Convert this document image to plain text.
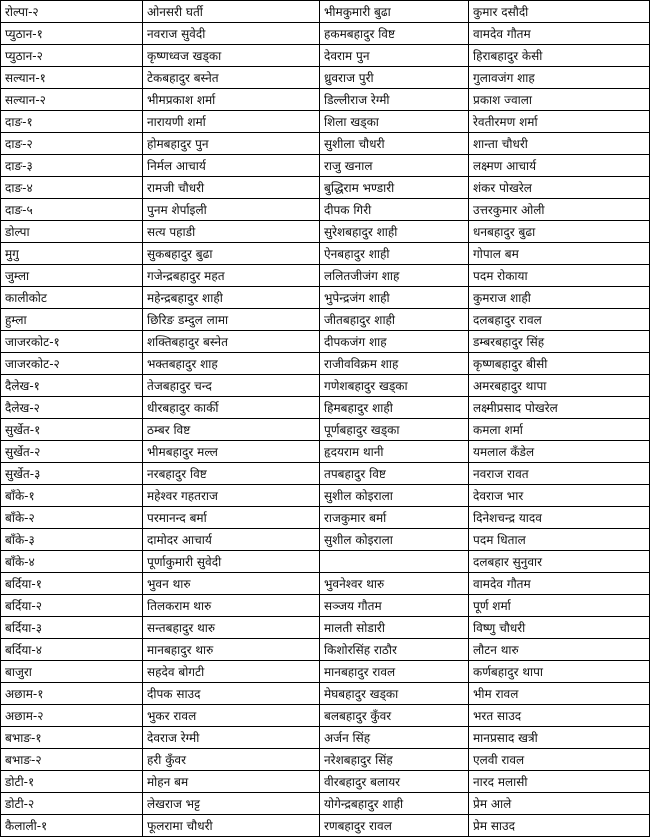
रोल्पा-२	ओनसरी घर्ती	भीमकुमारी बुढा	कुमार दसौदी
प्युठान-१	नवराज सुवेदी	हकमबहादुर विष्ट	वामदेव गौतम
प्युठान-२	कृष्णध्वज खड्का	देवराम पुन	हिराबहादुर केसी
सल्यान-१	टेकबहादुर बस्नेत	ध्रुवराज पुरी	गुलावजंग शाह
सल्यान-२	भीमप्रकाश शर्मा	डिल्लीराज रेग्मी	प्रकाश ज्वाला
दाङ-१	नारायणी शर्मा	शिला खड्का	रेवतीरमण शर्मा
दाङ-२	होमबहादुर पुन	सुशीला चौधरी	शान्ता चौधरी
दाङ-३	निर्मल आचार्य	राजु खनाल	लक्ष्मण आचार्य
दाङ-४	रामजी चौधरी	बुद्धिराम भण्डारी	शंकर पोखरेल
दाङ-५	पुनम शेर्पाइली	दीपक गिरी	उत्तरकुमार ओली
डोल्पा	सत्य पहाडी	सुरेशबहादुर शाही	धनबहादुर बुढा
मुगु	सुकबहादुर बुढा	ऐनबहादुर शाही	गोपाल बम
जुम्ला	गजेन्द्रबहादुर महत	ललितजीजंग शाह	पदम रोकाया
कालीकोट	महेन्द्रबहादुर शाही	भुपेन्द्रजंग शाही	कुमराज शाही
हुम्ला	छिरिङ डम्दुल लामा	जीतबहादुर शाही	दलबहादुर रावल
जाजरकोट-१	शक्तिबहादुर बस्नेत	दीपकजंग शाह	डम्बरबहादुर सिंह
जाजरकोट-२	भक्तबहादुर शाह	राजीवविक्रम शाह	कृष्णबहादुर बीसी
दैलेख-१	तेजबहादुर चन्द	गणेशबहादुर खड्का	अमरबहादुर थापा
दैलेख-२	धीरबहादुर कार्की	हिमबहादुर शाही	लक्ष्मीप्रसाद पोखरेल
सुर्खेत-१	ठम्बर विष्ट	पूर्णबहादुर खड्का	कमला शर्मा
सुर्खेत-२	भीमबहादुर मल्ल	हृदयराम थानी	यमलाल कँडेल
सुर्खेत-३	नरबहादुर विष्ट	तपबहादुर विष्ट	नवराज रावत
बाँके-१	महेश्वर गहतराज	सुशील कोइराला	देवराज भार
बाँके-२	परमानन्द बर्मा	राजकुमार बर्मा	दिनेशचन्द्र यादव
बाँके-३	दामोदर आचार्य	सुशील कोइराला	पदम धिताल
बाँके-४	पूर्णाकुमारी सुवेदी		दलबहार सुनुवार
बर्दिया-१	भुवन थारु	भुवनेश्वर थारु	वामदेव गौतम
बर्दिया-२	तिलकराम थारु	सञ्जय गौतम	पूर्ण शर्मा
बर्दिया-३	सन्तबहादुर थारु	मालती सोडारी	विष्णु चौधरी
बर्दिया-४	मानबहादुर थारु	किशोरसिंह राठौर	लौटन थारु
बाजुरा	सहदेव बोगटी	मानबहादुर रावल	कर्णबहादुर थापा
अछाम-१	दीपक साउद	मेघबहादुर खड्का	भीम रावल
अछाम-२	भुकर रावल	बलबहादुर कुँवर	भरत साउद
बभाङ-१	देवराज रेग्मी	अर्जन सिंह	मानप्रसाद खत्री
बभाङ-२	हरी कुँवर	नरेशबहादुर सिंह	एलवी रावल
डोटी-१	मोहन बम	वीरबहादुर बलायर	नारद मलासी
डोटी-२	लेखराज भट्ट	योगेन्द्रबहादुर शाही	प्रेम आले
कैलाली-१	फूलरामा चौधरी	रणबहादुर रावल	प्रेम साउद
